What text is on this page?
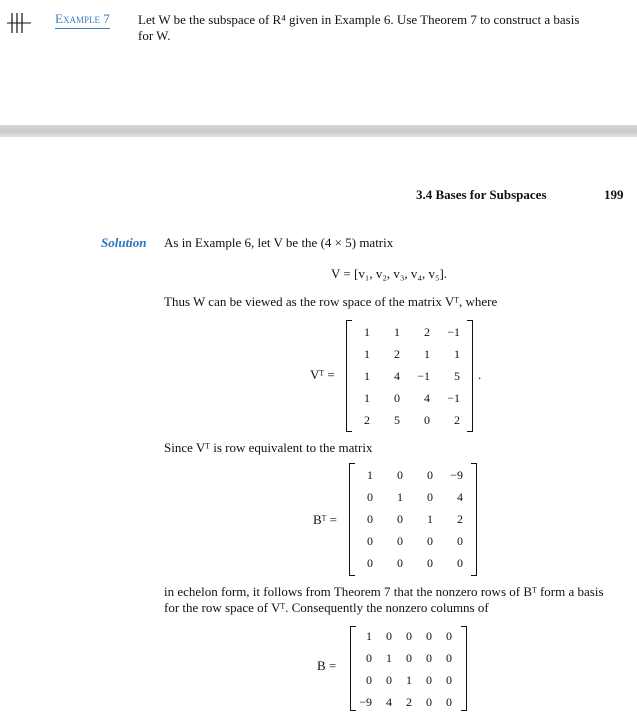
Example 7 Let W be the subspace of R⁴ given in Example 6. Use Theorem 7 to construct a basis
for W.
3.4 Bases for Subspaces	199
Solution As in Example 6, let V be the (4 × 5) matrix
V = [v₁, v₂, v₃, v₄, v₅].
Thus W can be viewed as the row space of the matrix Vᵀ, where
Vᵀ =
1	1	2	−1
1	2	1	1
1	4	−1	5
1	0	4	−1
2	5	0	2
.
Since Vᵀ is row equivalent to the matrix
Bᵀ =
1	0	0	−9
0	1	0	4
0	0	1	2
0	0	0	0
0	0	0	0
in echelon form, it follows from Theorem 7 that the nonzero rows of Bᵀ form a basis
for the row space of Vᵀ. Consequently the nonzero columns of
B =
1	0	0	0	0
0	1	0	0	0
0	0	1	0	0
−9	4	2	0	0
